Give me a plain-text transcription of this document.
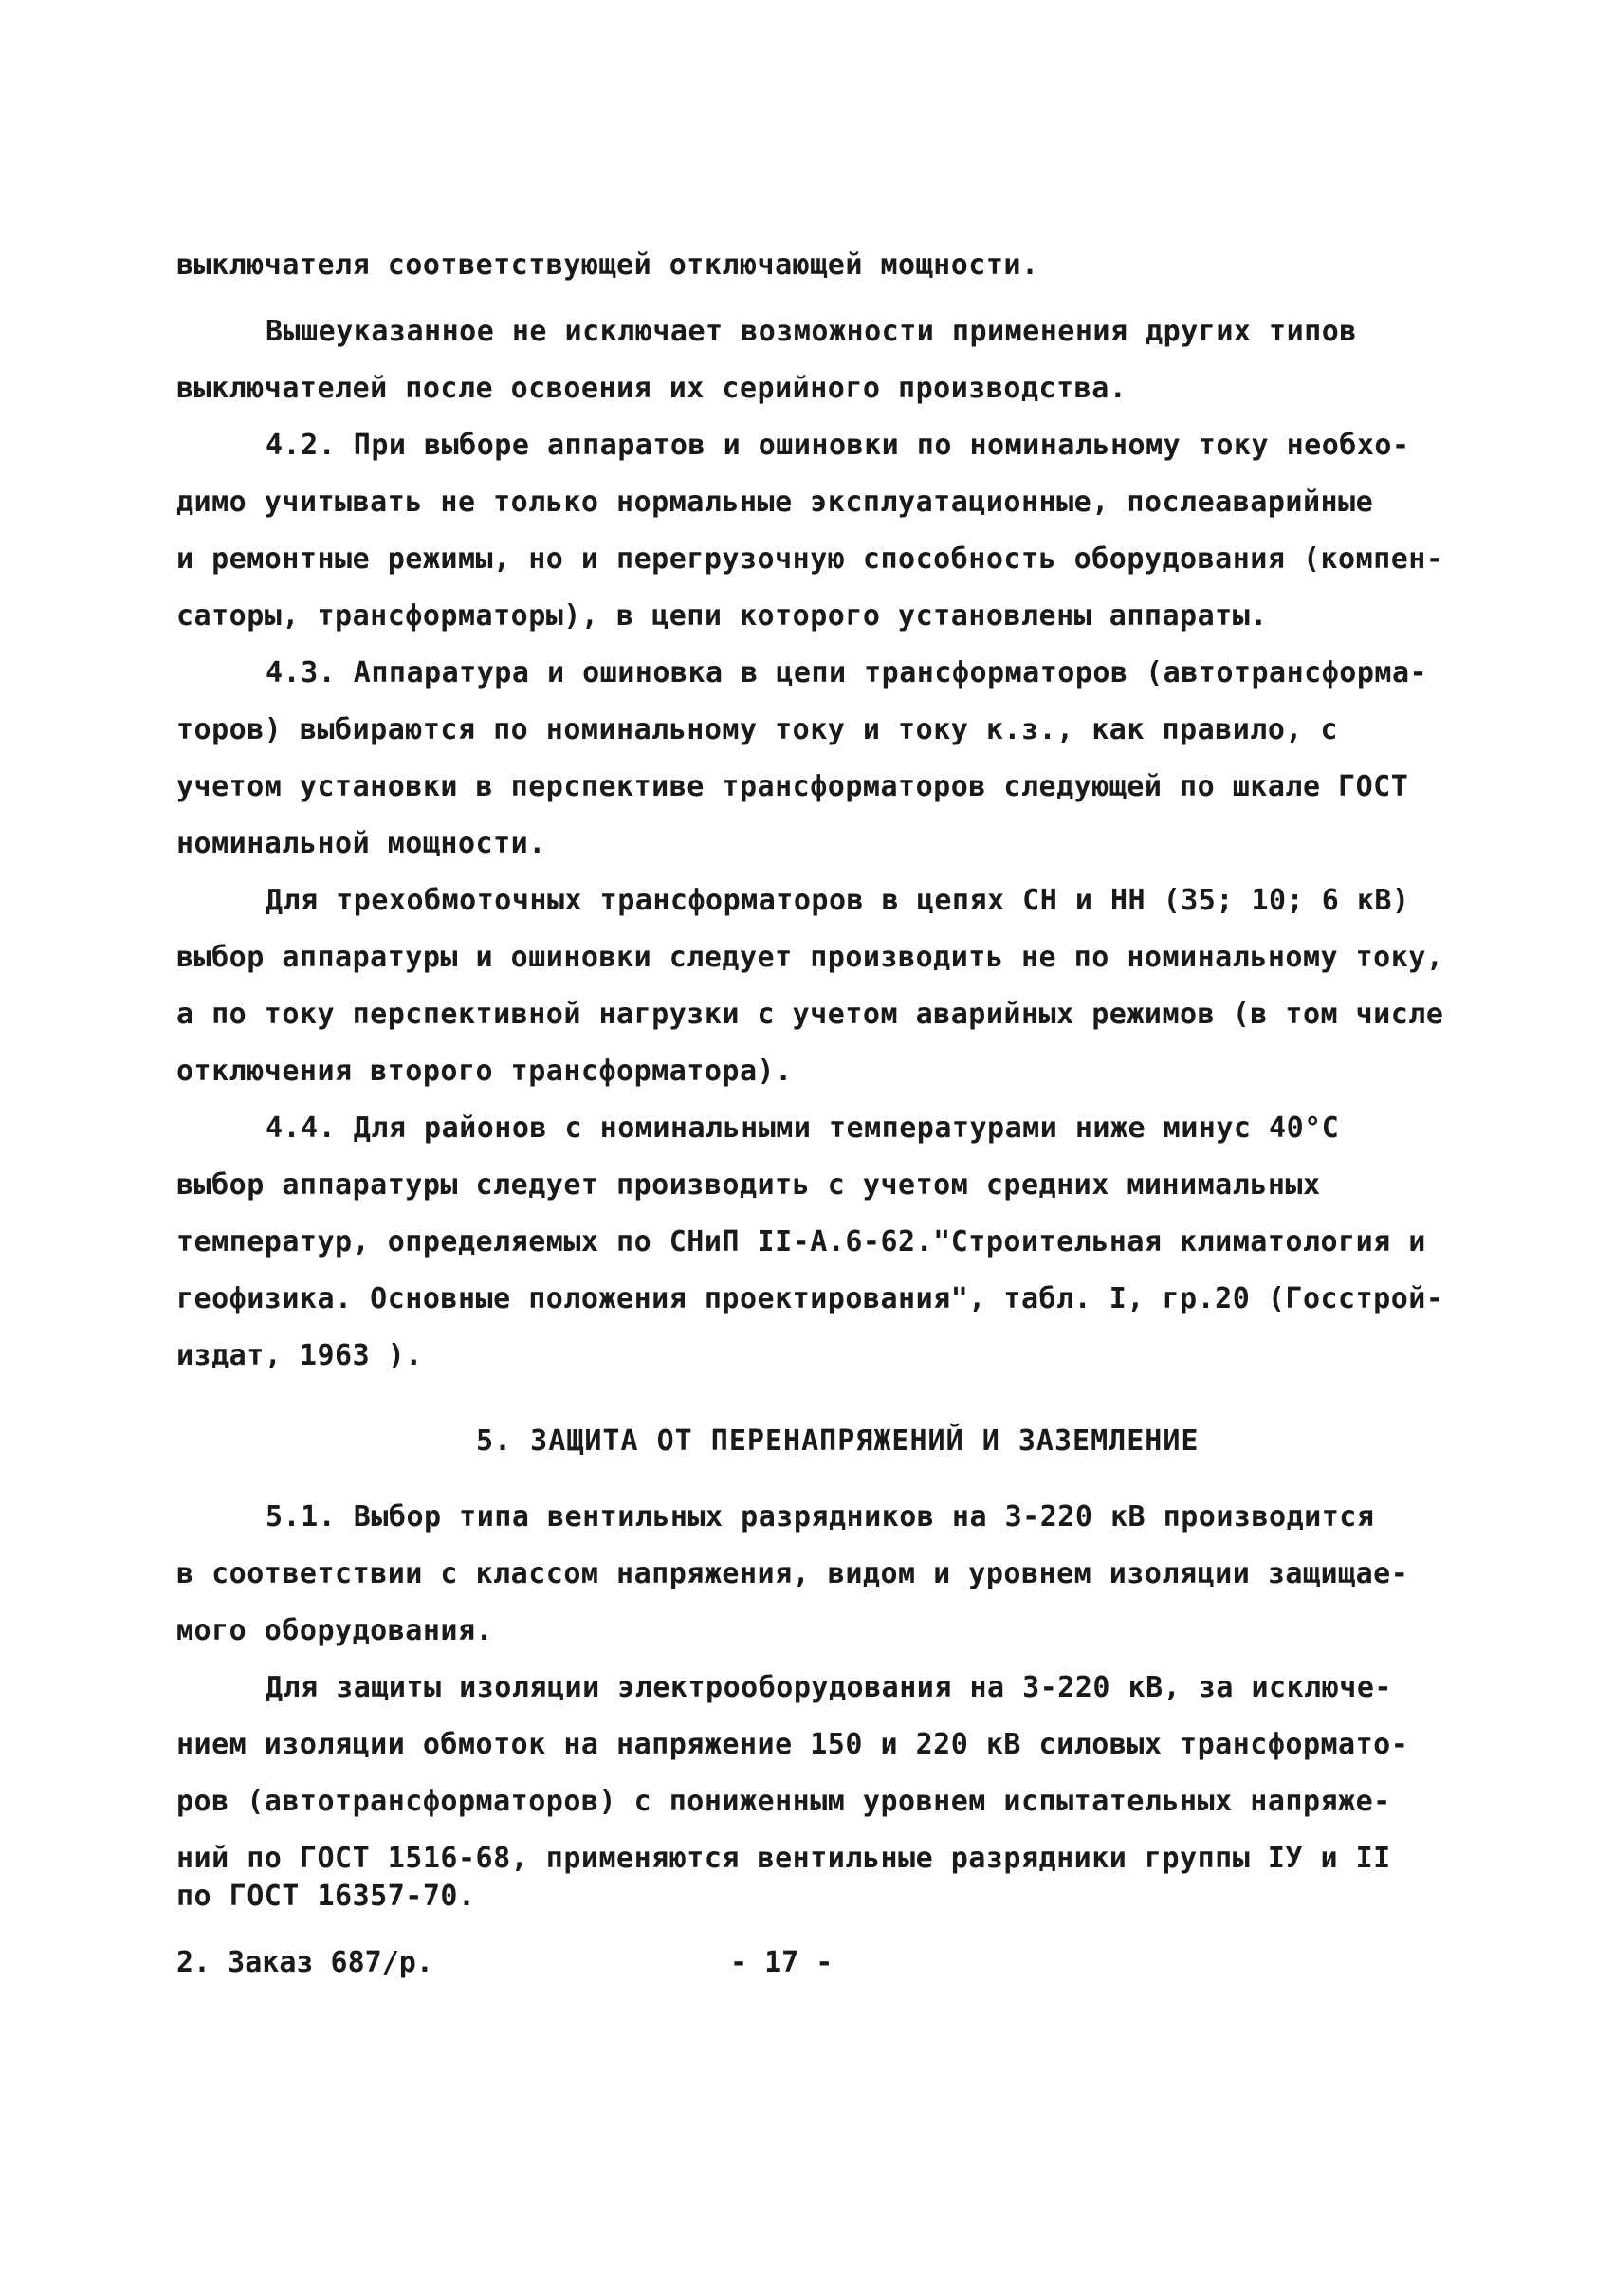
выключателя соответствующей отключающей мощности.
Вышеуказанное не исключает возможности применения других типов
выключателей после освоения их серийного производства.
4.2. При выборе аппаратов и ошиновки по номинальному току необхо-
димо учитывать не только нормальные эксплуатационные, послеаварийные
и ремонтные режимы, но и перегрузочную способность оборудования (компен-
саторы, трансформаторы), в цепи которого установлены аппараты.
4.3. Аппаратура и ошиновка в цепи трансформаторов (автотрансформа-
торов) выбираются по номинальному току и току к.з., как правило, с
учетом установки в перспективе трансформаторов следующей по шкале ГОСТ
номинальной мощности.
Для трехобмоточных трансформаторов в цепях СН и НН (35; 10; 6 кВ)
выбор аппаратуры и ошиновки следует производить не по номинальному току,
а по току перспективной нагрузки с учетом аварийных режимов (в том числе
отключения второго трансформатора).
4.4. Для районов с номинальными температурами ниже минус 40°С
выбор аппаратуры следует производить с учетом средних минимальных
температур, определяемых по СНиП II-А.6-62."Строительная климатология и
геофизика. Основные положения проектирования", табл. I, гр.20 (Госстрой-
издат, 1963 ).
5. ЗАЩИТА ОТ ПЕРЕНАПРЯЖЕНИЙ И ЗАЗЕМЛЕНИЕ
5.1. Выбор типа вентильных разрядников на 3-220 кВ производится
в соответствии с классом напряжения, видом и уровнем изоляции защищае-
мого оборудования.
Для защиты изоляции электрооборудования на 3-220 кВ, за исключе-
нием изоляции обмоток на напряжение 150 и 220 кВ силовых трансформато-
ров (автотрансформаторов) с пониженным уровнем испытательных напряже-
ний по ГОСТ 1516-68, применяются вентильные разрядники группы IУ и II
по ГОСТ 16357-70.
2. Заказ 687/р.	- 17 -
